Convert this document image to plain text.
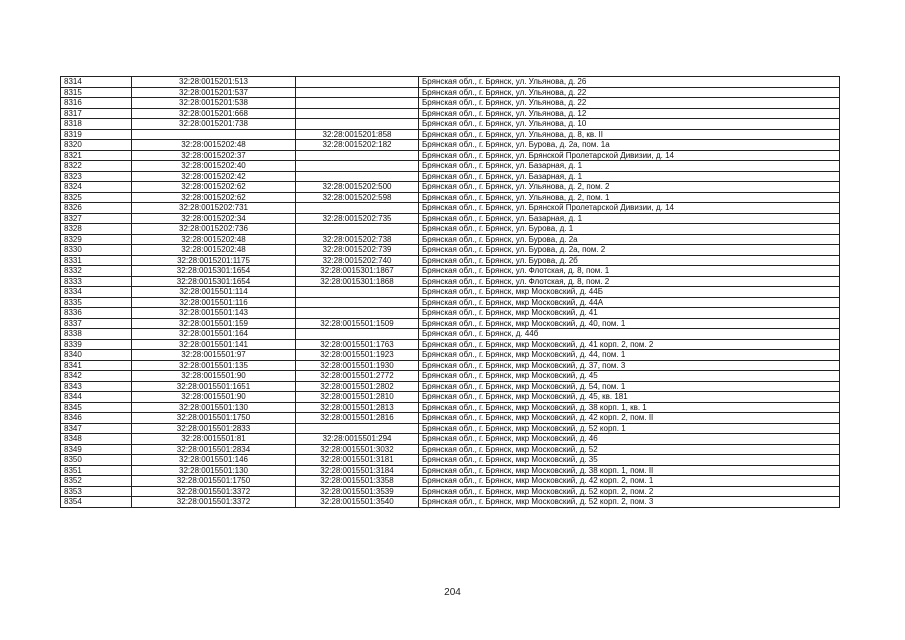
8314	32:28:0015201:513		Брянская обл., г. Брянск, ул. Ульянова, д. 26
8315	32:28:0015201:537		Брянская обл., г. Брянск, ул. Ульянова, д. 22
8316	32:28:0015201:538		Брянская обл., г. Брянск, ул. Ульянова, д. 22
8317	32:28:0015201:668		Брянская обл., г. Брянск, ул. Ульянова, д. 12
8318	32:28:0015201:738		Брянская обл., г. Брянск, ул. Ульянова, д. 10
8319		32:28:0015201:858	Брянская обл., г. Брянск, ул. Ульянова, д. 8, кв. II
8320	32:28:0015202:48	32:28:0015202:182	Брянская обл., г. Брянск, ул. Бурова, д. 2а, пом. 1а
8321	32:28:0015202:37		Брянская обл., г. Брянск, ул. Брянской Пролетарской Дивизии, д. 14
8322	32:28:0015202:40		Брянская обл., г. Брянск, ул. Базарная, д. 1
8323	32:28:0015202:42		Брянская обл., г. Брянск, ул. Базарная, д. 1
8324	32:28:0015202:62	32:28:0015202:500	Брянская обл., г. Брянск, ул. Ульянова, д. 2, пом. 2
8325	32:28:0015202:62	32:28:0015202:598	Брянская обл., г. Брянск, ул. Ульянова, д. 2, пом. 1
8326	32:28:0015202:731		Брянская обл., г. Брянск, ул. Брянской Пролетарской Дивизии, д. 14
8327	32:28:0015202:34	32:28:0015202:735	Брянская обл., г. Брянск, ул. Базарная, д. 1
8328	32:28:0015202:736		Брянская обл., г. Брянск, ул. Бурова, д. 1
8329	32:28:0015202:48	32:28:0015202:738	Брянская обл., г. Брянск, ул. Бурова, д. 2а
8330	32:28:0015202:48	32:28:0015202:739	Брянская обл., г. Брянск, ул. Бурова, д. 2а, пом. 2
8331	32:28:0015201:1175	32:28:0015202:740	Брянская обл., г. Брянск, ул. Бурова, д. 2б
8332	32:28:0015301:1654	32:28:0015301:1867	Брянская обл., г. Брянск, ул. Флотская, д. 8, пом. 1
8333	32:28:0015301:1654	32:28:0015301:1868	Брянская обл., г. Брянск, ул. Флотская, д. 8, пом. 2
8334	32:28:0015501:114		Брянская обл., г. Брянск, мкр Московский, д. 44Б
8335	32:28:0015501:116		Брянская обл., г. Брянск, мкр Московский, д. 44А
8336	32:28:0015501:143		Брянская обл., г. Брянск, мкр Московский, д. 41
8337	32:28:0015501:159	32:28:0015501:1509	Брянская обл., г. Брянск, мкр Московский, д. 40, пом. 1
8338	32:28:0015501:164		Брянская обл., г. Брянск, д. 44б
8339	32:28:0015501:141	32:28:0015501:1763	Брянская обл., г. Брянск, мкр Московский, д. 41 корп. 2, пом. 2
8340	32:28:0015501:97	32:28:0015501:1923	Брянская обл., г. Брянск, мкр Московский, д. 44, пом. 1
8341	32:28:0015501:135	32:28:0015501:1930	Брянская обл., г. Брянск, мкр Московский, д. 37, пом. 3
8342	32:28:0015501:90	32:28:0015501:2772	Брянская обл., г. Брянск, мкр Московский, д. 45
8343	32:28:0015501:1651	32:28:0015501:2802	Брянская обл., г. Брянск, мкр Московский, д. 54, пом. 1
8344	32:28:0015501:90	32:28:0015501:2810	Брянская обл., г. Брянск, мкр Московский, д. 45, кв. 181
8345	32:28:0015501:130	32:28:0015501:2813	Брянская обл., г. Брянск, мкр Московский, д. 38 корп. 1, кв. 1
8346	32:28:0015501:1750	32:28:0015501:2816	Брянская обл., г. Брянск, мкр Московский, д. 42 корп. 2, пом. II
8347	32:28:0015501:2833		Брянская обл., г. Брянск, мкр Московский, д. 52 корп. 1
8348	32:28:0015501:81	32:28:0015501:294	Брянская обл., г. Брянск, мкр Московский, д. 46
8349	32:28:0015501:2834	32:28:0015501:3032	Брянская обл., г. Брянск, мкр Московский, д. 52
8350	32:28:0015501:146	32:28:0015501:3181	Брянская обл., г. Брянск, мкр Московский, д. 35
8351	32:28:0015501:130	32:28:0015501:3184	Брянская обл., г. Брянск, мкр Московский, д. 38 корп. 1, пом. II
8352	32:28:0015501:1750	32:28:0015501:3358	Брянская обл., г. Брянск, мкр Московский, д. 42 корп. 2, пом. 1
8353	32:28:0015501:3372	32:28:0015501:3539	Брянская обл., г. Брянск, мкр Московский, д. 52 корп. 2, пом. 2
8354	32:28:0015501:3372	32:28:0015501:3540	Брянская обл., г. Брянск, мкр Московский, д. 52 корп. 2, пом. 3
204
